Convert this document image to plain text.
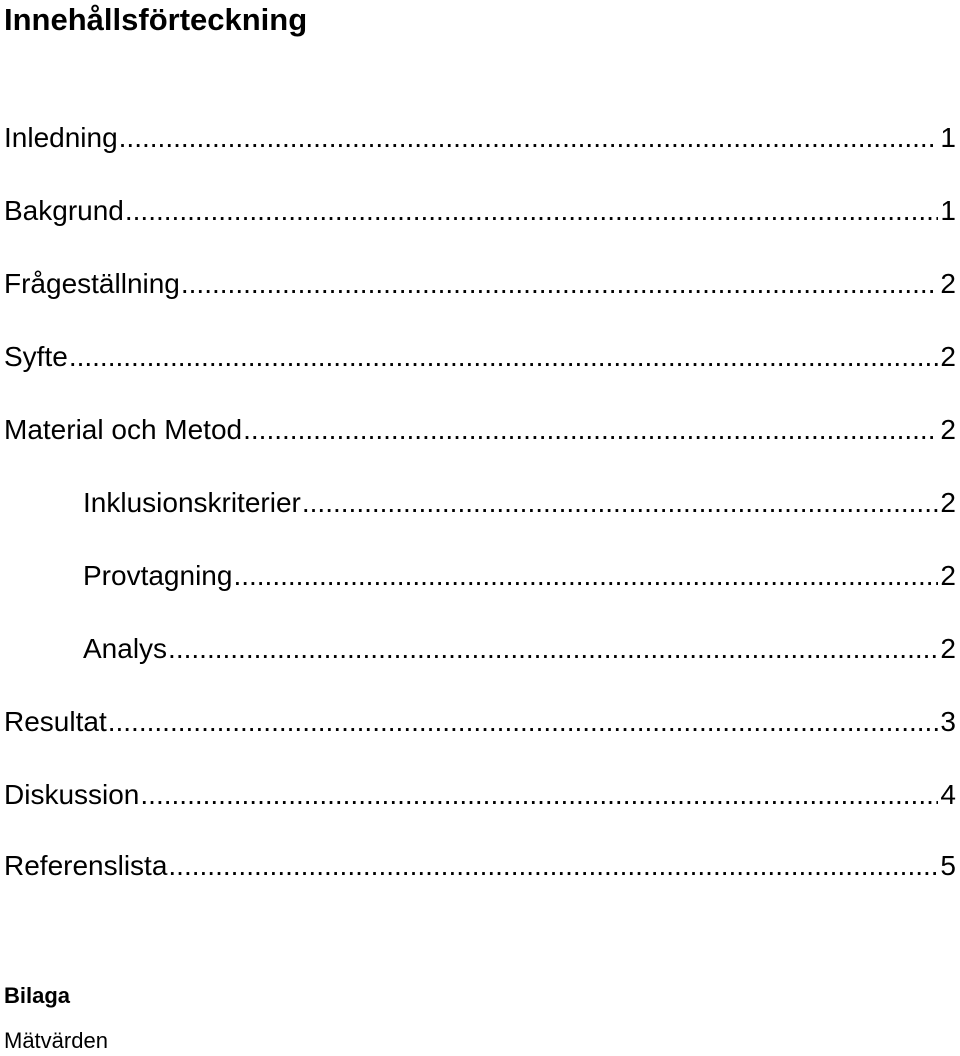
Innehållsförteckning
Inledning .....	1
Bakgrund .....	1
Frågeställning .....	2
Syfte .....	2
Material och Metod .....	2
Inklusionskriterier .....	2
Provtagning .....	2
Analys .....	2
Resultat .....	3
Diskussion .....	4
Referenslista .....	5
Bilaga
Mätvärden
